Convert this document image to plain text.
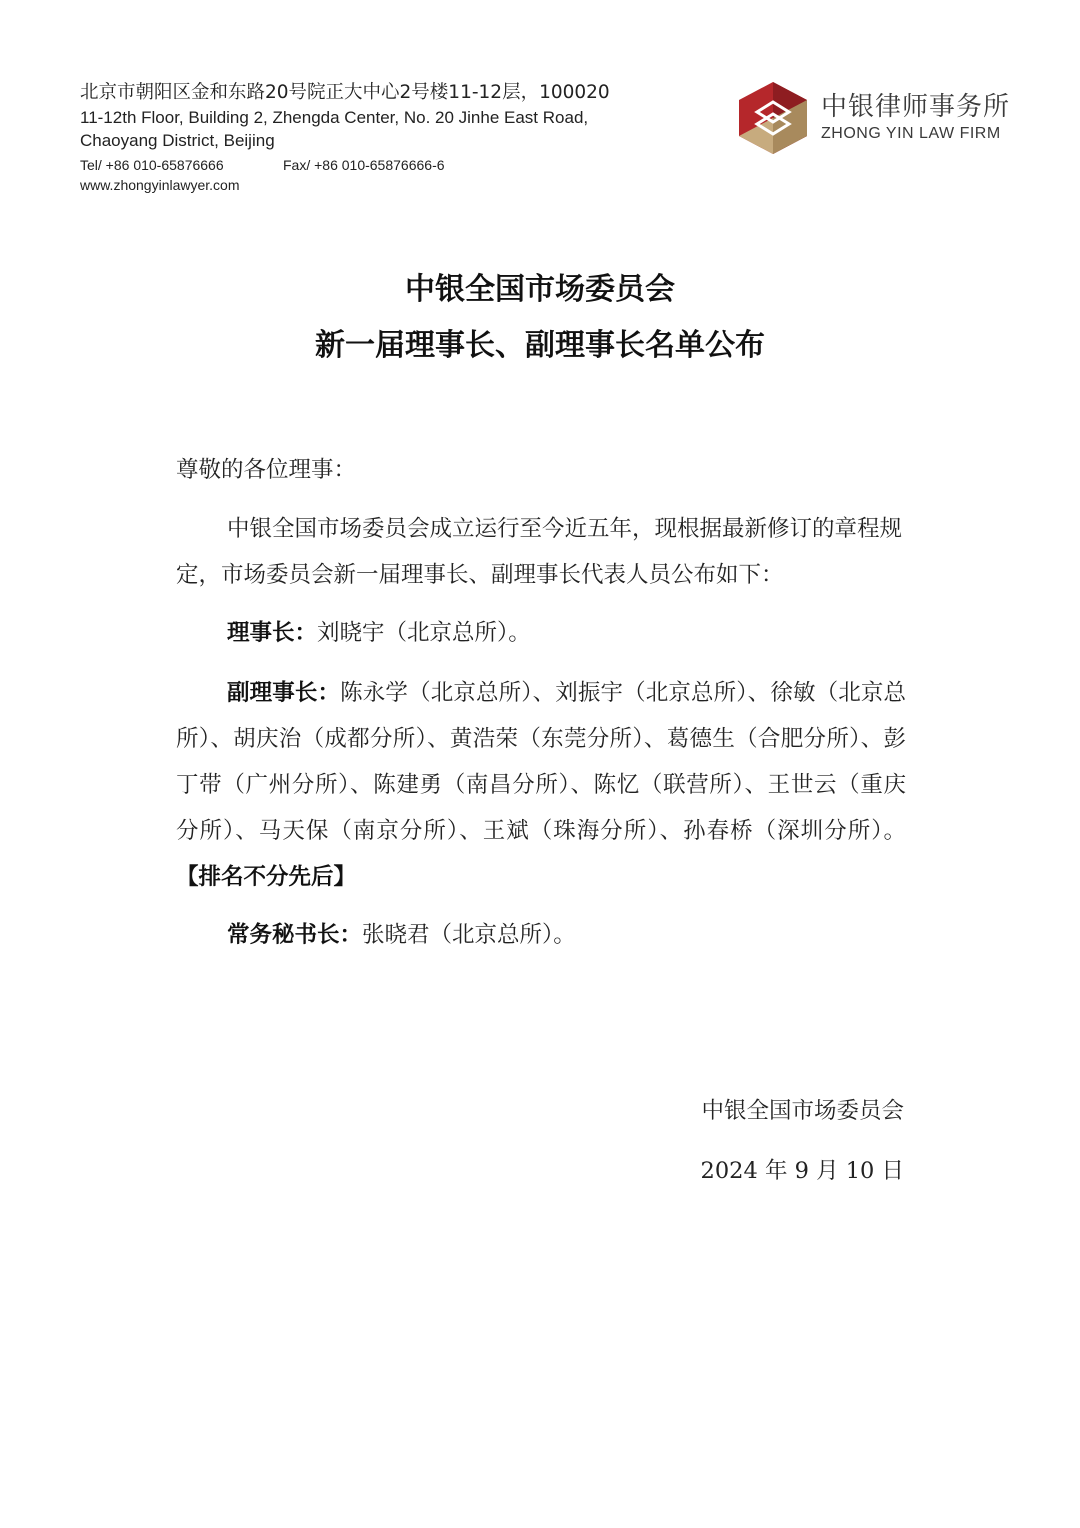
北京市朝阳区金和东路20号院正大中心2号楼11-12层，100020
11-12th Floor, Building 2, Zhengda Center, No. 20 Jinhe East Road,
Chaoyang District, Beijing
Tel/ +86 010-65876666	Fax/ +86 010-65876666-6
www.zhongyinlawyer.com
中银律师事务所
ZHONG YIN LAW FIRM
中银全国市场委员会
新一届理事长、副理事长名单公布
尊敬的各位理事：
中银全国市场委员会成立运行至今近五年，现根据最新修订的章程规定，市场委员会新一届理事长、副理事长代表人员公布如下：
理事长：刘晓宇（北京总所）。
副理事长：陈永学（北京总所）、刘振宇（北京总所）、徐敏（北京总所）、胡庆治（成都分所）、黄浩荣（东莞分所）、葛德生（合肥分所）、彭丁带（广州分所）、陈建勇（南昌分所）、陈忆（联营所）、王世云（重庆分所）、马天保（南京分所）、王斌（珠海分所）、孙春桥（深圳分所）。【排名不分先后】
常务秘书长：张晓君（北京总所）。
中银全国市场委员会
2024 年 9 月 10 日
